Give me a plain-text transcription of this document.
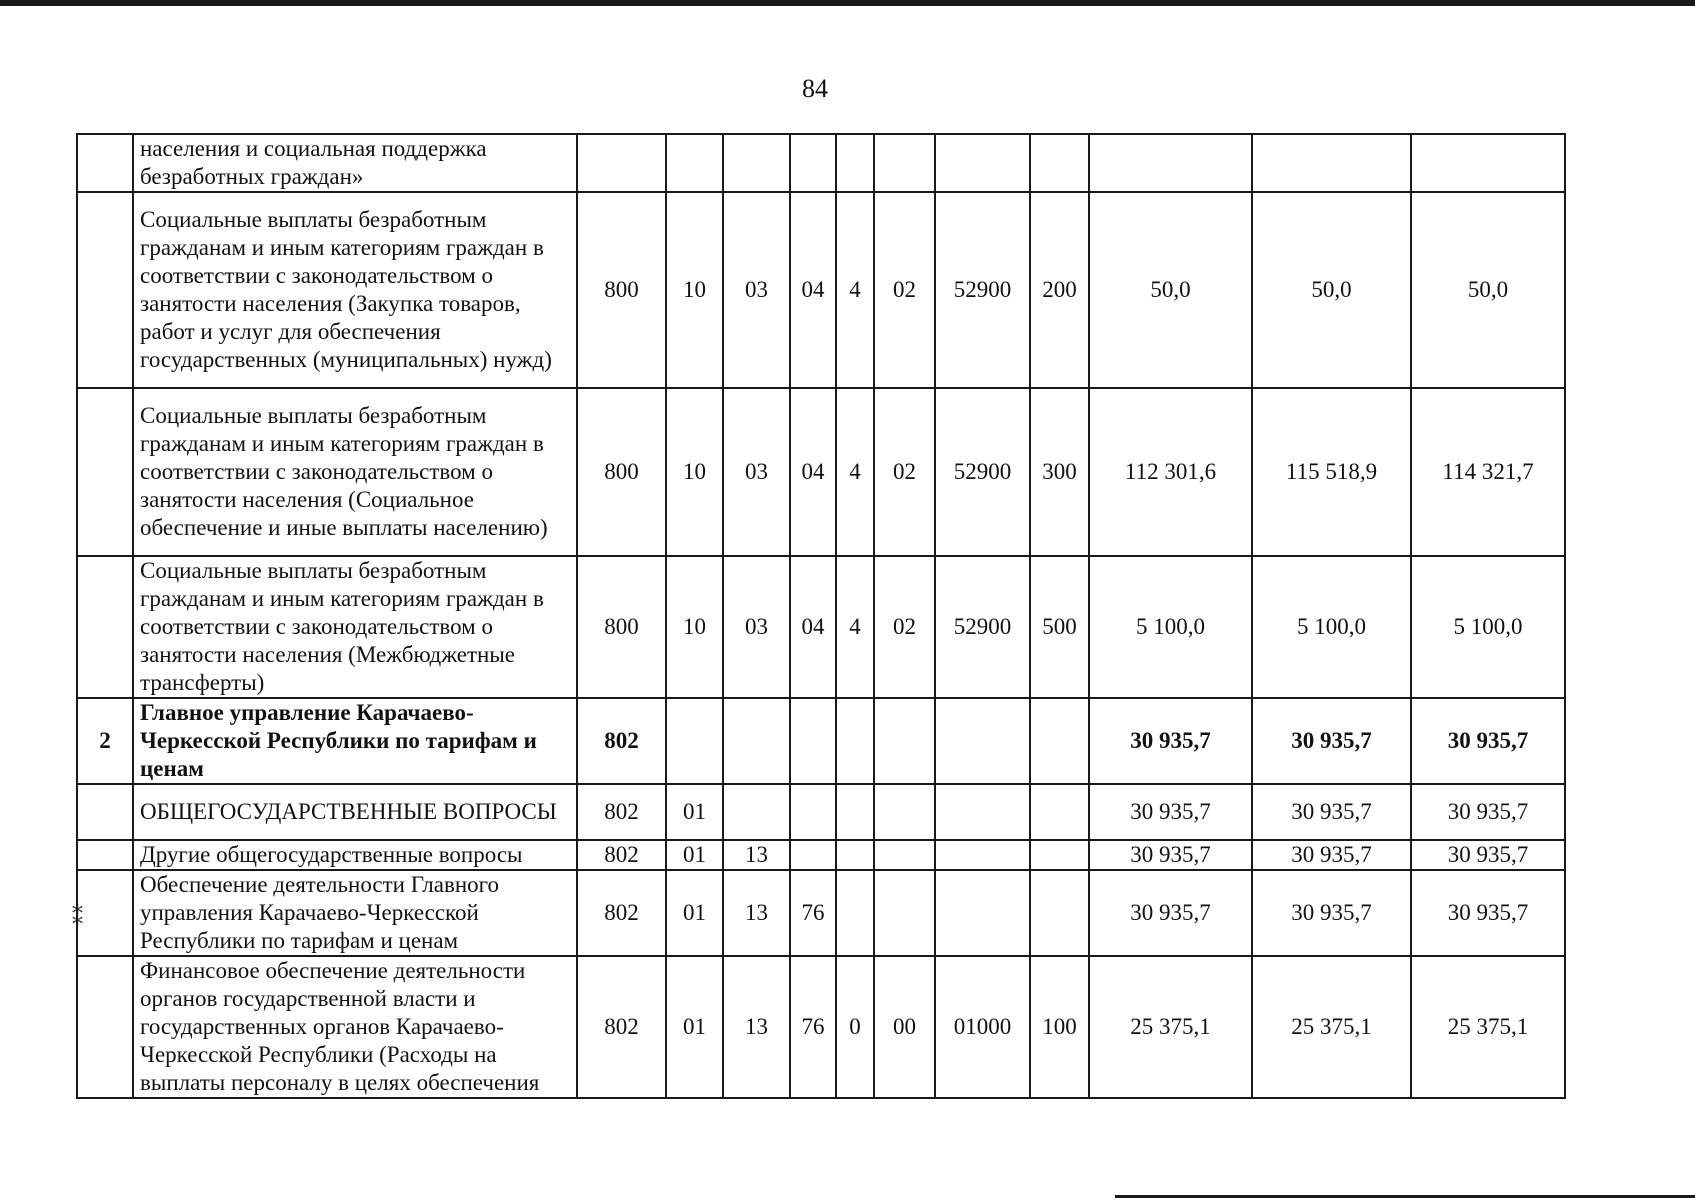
84
⁑
	населения и социальная поддержка безработных граждан»											
	Социальные выплаты безработным гражданам и иным категориям граждан в соответствии с законодательством о занятости населения (Закупка товаров, работ и услуг для обеспечения государственных (муниципальных) нужд)	800	10	03	04	4	02	52900	200	50,0	50,0	50,0
	Социальные выплаты безработным гражданам и иным категориям граждан в соответствии с законодательством о занятости населения (Социальное обеспечение и иные выплаты населению)	800	10	03	04	4	02	52900	300	112 301,6	115 518,9	114 321,7
	Социальные выплаты безработным гражданам и иным категориям граждан в соответствии с законодательством о занятости населения (Межбюджетные трансферты)	800	10	03	04	4	02	52900	500	5 100,0	5 100,0	5 100,0
2	Главное управление Карачаево-Черкесской Республики по тарифам и ценам	802								30 935,7	30 935,7	30 935,7
	ОБЩЕГОСУДАРСТВЕННЫЕ ВОПРОСЫ	802	01							30 935,7	30 935,7	30 935,7
	Другие общегосударственные вопросы	802	01	13						30 935,7	30 935,7	30 935,7
	Обеспечение деятельности Главного управления Карачаево-Черкесской Республики по тарифам и ценам	802	01	13	76					30 935,7	30 935,7	30 935,7
	Финансовое обеспечение деятельности органов государственной власти и государственных органов Карачаево-Черкесской Республики (Расходы на выплаты персоналу в целях обеспечения	802	01	13	76	0	00	01000	100	25 375,1	25 375,1	25 375,1
